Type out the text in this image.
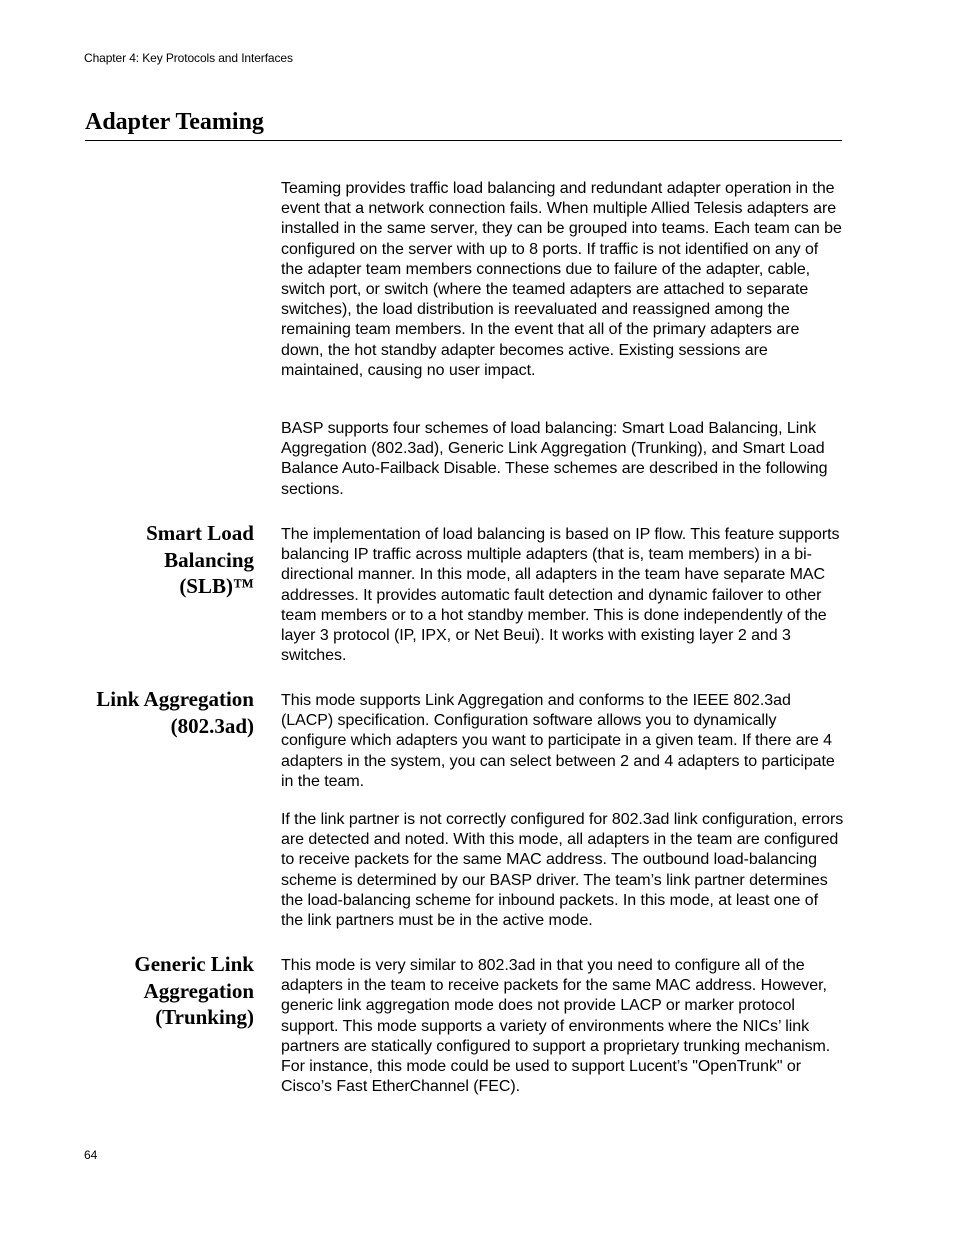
Chapter 4: Key Protocols and Interfaces
Adapter Teaming

Teaming provides traffic load balancing and redundant adapter operation in the event that a network connection fails. When multiple Allied Telesis adapters are installed in the same server, they can be grouped into teams. Each team can be configured on the server with up to 8 ports. If traffic is not identified on any of the adapter team members connections due to failure of the adapter, cable, switch port, or switch (where the teamed adapters are attached to separate switches), the load distribution is reevaluated and reassigned among the remaining team members. In the event that all of the primary adapters are down, the hot standby adapter becomes active. Existing sessions are maintained, causing no user impact.

BASP supports four schemes of load balancing: Smart Load Balancing, Link Aggregation (802.3ad), Generic Link Aggregation (Trunking), and Smart Load Balance Auto-Failback Disable. These schemes are described in the following sections.

Smart Load
Balancing
(SLB)™

The implementation of load balancing is based on IP flow. This feature supports balancing IP traffic across multiple adapters (that is, team members) in a bi-directional manner. In this mode, all adapters in the team have separate MAC addresses. It provides automatic fault detection and dynamic failover to other team members or to a hot standby member. This is done independently of the layer 3 protocol (IP, IPX, or Net Beui). It works with existing layer 2 and 3 switches.

Link Aggregation
(802.3ad)

This mode supports Link Aggregation and conforms to the IEEE 802.3ad (LACP) specification. Configuration software allows you to dynamically configure which adapters you want to participate in a given team. If there are 4 adapters in the system, you can select between 2 and 4 adapters to participate in the team.

If the link partner is not correctly configured for 802.3ad link configuration, errors are detected and noted. With this mode, all adapters in the team are configured to receive packets for the same MAC address. The outbound load-balancing scheme is determined by our BASP driver. The team’s link partner determines the load-balancing scheme for inbound packets. In this mode, at least one of the link partners must be in the active mode.

Generic Link
Aggregation
(Trunking)

This mode is very similar to 802.3ad in that you need to configure all of the adapters in the team to receive packets for the same MAC address. However, generic link aggregation mode does not provide LACP or marker protocol support. This mode supports a variety of environments where the NICs’ link partners are statically configured to support a proprietary trunking mechanism. For instance, this mode could be used to support Lucent’s "OpenTrunk" or Cisco’s Fast EtherChannel (FEC).

64
